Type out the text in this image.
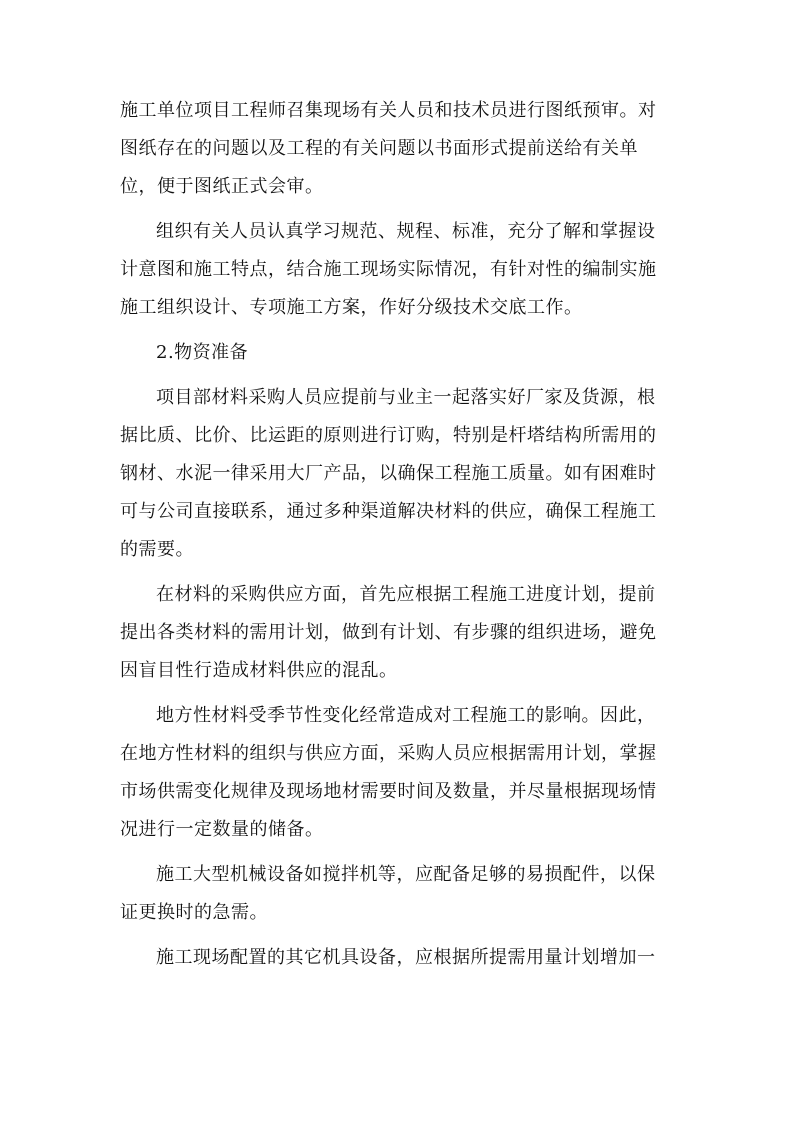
施工单位项目工程师召集现场有关人员和技术员进行图纸预审。对图纸存在的问题以及工程的有关问题以书面形式提前送给有关单位，便于图纸正式会审。

组织有关人员认真学习规范、规程、标准，充分了解和掌握设计意图和施工特点，结合施工现场实际情况，有针对性的编制实施施工组织设计、专项施工方案，作好分级技术交底工作。

2.物资准备

项目部材料采购人员应提前与业主一起落实好厂家及货源，根据比质、比价、比运距的原则进行订购，特别是杆塔结构所需用的钢材、水泥一律采用大厂产品，以确保工程施工质量。如有困难时可与公司直接联系，通过多种渠道解决材料的供应，确保工程施工的需要。

在材料的采购供应方面，首先应根据工程施工进度计划，提前提出各类材料的需用计划，做到有计划、有步骤的组织进场，避免因盲目性行造成材料供应的混乱。

地方性材料受季节性变化经常造成对工程施工的影响。因此，在地方性材料的组织与供应方面，采购人员应根据需用计划，掌握市场供需变化规律及现场地材需要时间及数量，并尽量根据现场情况进行一定数量的储备。

施工大型机械设备如搅拌机等，应配备足够的易损配件，以保证更换时的急需。

施工现场配置的其它机具设备，应根据所提需用量计划增加一
